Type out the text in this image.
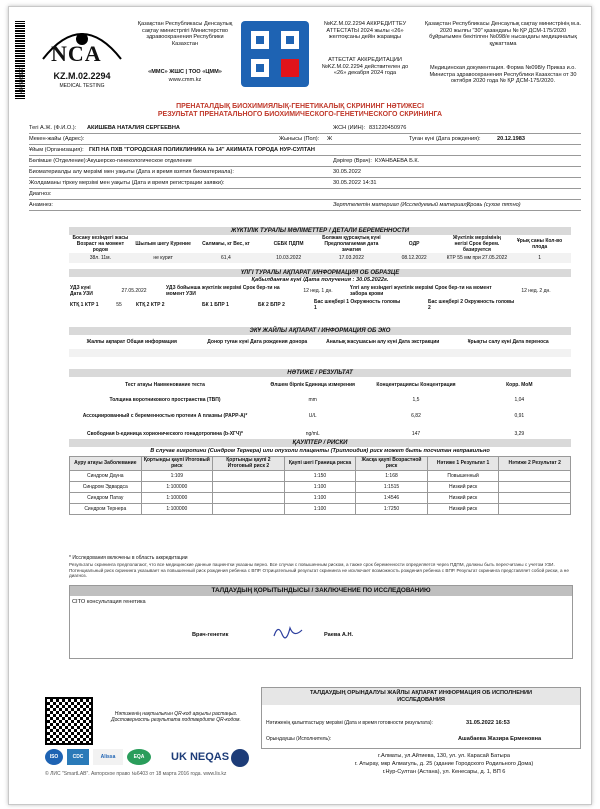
4865088297
NCA
KZ.M.02.2294
MEDICAL TESTING
Қазақстан Республикасы Денсаулық сақтау министрлігі Министерство здравоохранения Республики Казахстан
«ММС» ЖШС | ТОО «ЦММ»
www.cmm.kz
№KZ.M.02.2294 АККРЕДИТТЕУ АТТЕСТАТЫ 2024 жылы «26» желтоқсаны дейін жарамды
АТТЕСТАТ АККРЕДИТАЦИИ №KZ.M.02.2294 действителен до «26» декабря 2024 года
Қазақстан Республикасы Денсаулық сақтау министрінің м.а. 2020 жылғы "30" қазандағы № ҚР ДСМ-175/2020 бұйрығымен бекітілген №098/е нысандағы медициналық құжаттама
Медицинская документация. Форма №098/у Приказ и.о. Министра здравоохранения Республики Казахстан от 30 октября 2020 года № ҚР ДСМ-175/2020.
ПРЕНАТАЛДЫҚ БИОХИМИЯЛЫҚ-ГЕНЕТИКАЛЫҚ СКРИНИНГ НӘТИЖЕСІ
РЕЗУЛЬТАТ ПРЕНАТАЛЬНОГО БИОХИМИЧЕСКОГО-ГЕНЕТИЧЕСКОГО СКРИНИНГА
Тегі А.Ж. (Ф.И.О.): АКИШЕВА НАТАЛИЯ СЕРГЕЕВНА	ЖСН (ИИН): 831220450976
Мекен-жайы (Адрес):	Жынысы (Пол): Ж	Туған күні (Дата рождения):	20.12.1983
Ұйым (Организация): ГКП НА ПХВ "ГОРОДСКАЯ ПОЛИКЛИНИКА № 14" АКИМАТА ГОРОДА НУР-СУЛТАН
Бөлімше (Отделение): Акушерско-гинекологическое отделение	Дәрігер (Врач): КУАНБАЕВА Б.К.
Биоматериалды алу мерзімі мен уақыты (Дата и время взятия биоматериала):	30.05.2022
Жолдаманы тіркеу мерзімі мен уақыты (Дата и время регистрации заявки):	30.05.2022 14:31
Диагноз:
Анамнез:	Зерттелетін материал (Исследуемый материал):
Кровь (сухое пятно)
ЖҮКТІЛІК ТУРАЛЫ МӘЛІМЕТТЕР / ДЕТАЛИ БЕРЕМЕННОСТИ
Босану кезіндегі жасы Возраст на момент родов	Шылым шегу Курение	Салмағы, кг Вес, кг	СЕБК ПДПМ	Болжам құрсақтың күні Предполагаемая дата зачатия	ОДР	Жүктілік мерзімінің негізі Срок берем. базируется	Ұрық саны Кол-во плода
38л. 11м.	не курит	61,4	10.03.2022	17.03.2022	08.12.2022	КТР 55 мм при 27.05.2022	1
ҮЛГІ ТУРАЛЫ АҚПАРАТ /ИНФОРМАЦИЯ ОБ ОБРАЗЦЕ
Қабылданған күні /Дата получения : 30.05.2022г.
УДЗ күні Дата УЗИ	27.05.2022	УДЗ бойынша жүктілік мерзімі Срок бер-ти на момент УЗИ	12 нед. 1 дн.	Үлгі алу кезіндегі жүктілік мерзімі Срок бер-ти на момент забора крови	12 нед. 2 дн.
КТҚ 1 КТР 1	55	КТҚ 2 КТР 2		БК 1 БПР 1		БК 2 БПР 2		Бас шеңбері 1 Окружность головы 1		Бас шеңбері 2 Окружность головы 2	
ЭКҰ ЖАЙЛЫ АҚПАРАТ / ИНФОРМАЦИЯ ОБ ЭКО
Жалпы ақпарат Общая информация	Донор туған күні Дата рождения донора	Аналық жасушасын алу күні Дата экстракции	Ұрықты салу күні Дата переноса

НӘТИЖЕ / РЕЗУЛЬТАТ
Тест атауы Наименование теста	Өлшем бірлік Единица измерения	Концентрациясы Концентрация	Корр. МоМ
Толщина воротникового пространства (ТВП)	mm	1,5	1,04
Ассоциированный с беременностью протеин А плазмы (PAPP-A)*	U/L	6,82	0,91
Свободная b-единица хорионического гонадотропина (b-ХГЧ)*	ng/mL	147	3,29
ҚАУІПТЕР / РИСКИ
В случае гигропини (Синдром Тернера) или опухоли плаценты (Триплоидия) риск может быть посчитан неправильно
Ауру атауы Заболевание	Қортынды қаупі Итоговый риск	Қортынды қаупі 2 Итоговый риск 2	Қаупі шегі Граница риска	Жасқа қаупі Возрастной риск	Нәтиже 1 Результат 1	Нәтиже 2 Результат 2
Синдром Дауна	1:109		1:150	1:168	Повышенный	
Синдром Эдвардса	1:100000		1:100	1:1515	Низкий риск	
Синдром Патау	1:100000		1:100	1:4546	Низкий риск	
Синдром Тернера	1:100000		1:100	1:7250	Низкий риск	
* Исследования включены в область аккредитации
Результаты скрининга предполагают, что все медицинские данные пациентки указаны верно. Все случаи с повышенным риском, а также срок беременности определяется через ПДПМ, должны быть пересчитаны с учетом УЗИ. Потенциальный риск скрининга указывает на повышенный риск рождения ребенка с ВПР. Отрицательный результат скрининга не исключает возможность рождения ребенка с ВПР. Результат скрининга представляет собой риски, а не диагноз.
ТАЛДАУДЫҢ ҚОРЫТЫНДЫСЫ / ЗАКЛЮЧЕНИЕ ПО ИССЛЕДОВАНИЮ
CITO консультация генетика
Врач-генетик	Раева А.Н.
Нәтиженің нақтылығын QR-код арқылы растаңыз. Достоверность результата подтвердите QR-кодом.
ТАЛДАУДЫҢ ОРЫНДАЛУЫ ЖАЙЛЫ АҚПАРАТ ИНФОРМАЦИЯ ОБ ИСПОЛНЕНИИ ИССЛЕДОВАНИЯ
Нәтиженің қалыптастыру мерзімі (Дата и время готовности результата):	31.05.2022 16:53
Орындаушы (Исполнитель):	Ашабаева Жазира Ерменовна
ISO	CDC	Alissa	EQA	UK NEQAS	г.Алматы, ул.Айтиева, 130, ул. ул. Карасай Батыра
г. Атырау, мкр Алмагуль, д. 25 (здание Городского Родильного Дома)
г.Нур-Султан (Астана), ул. Кенесары, д. 1, ВП 6
© ЛИС "SmartLAB". Авторское право №6403 от 18 марта 2016 года. www.lis.kz
